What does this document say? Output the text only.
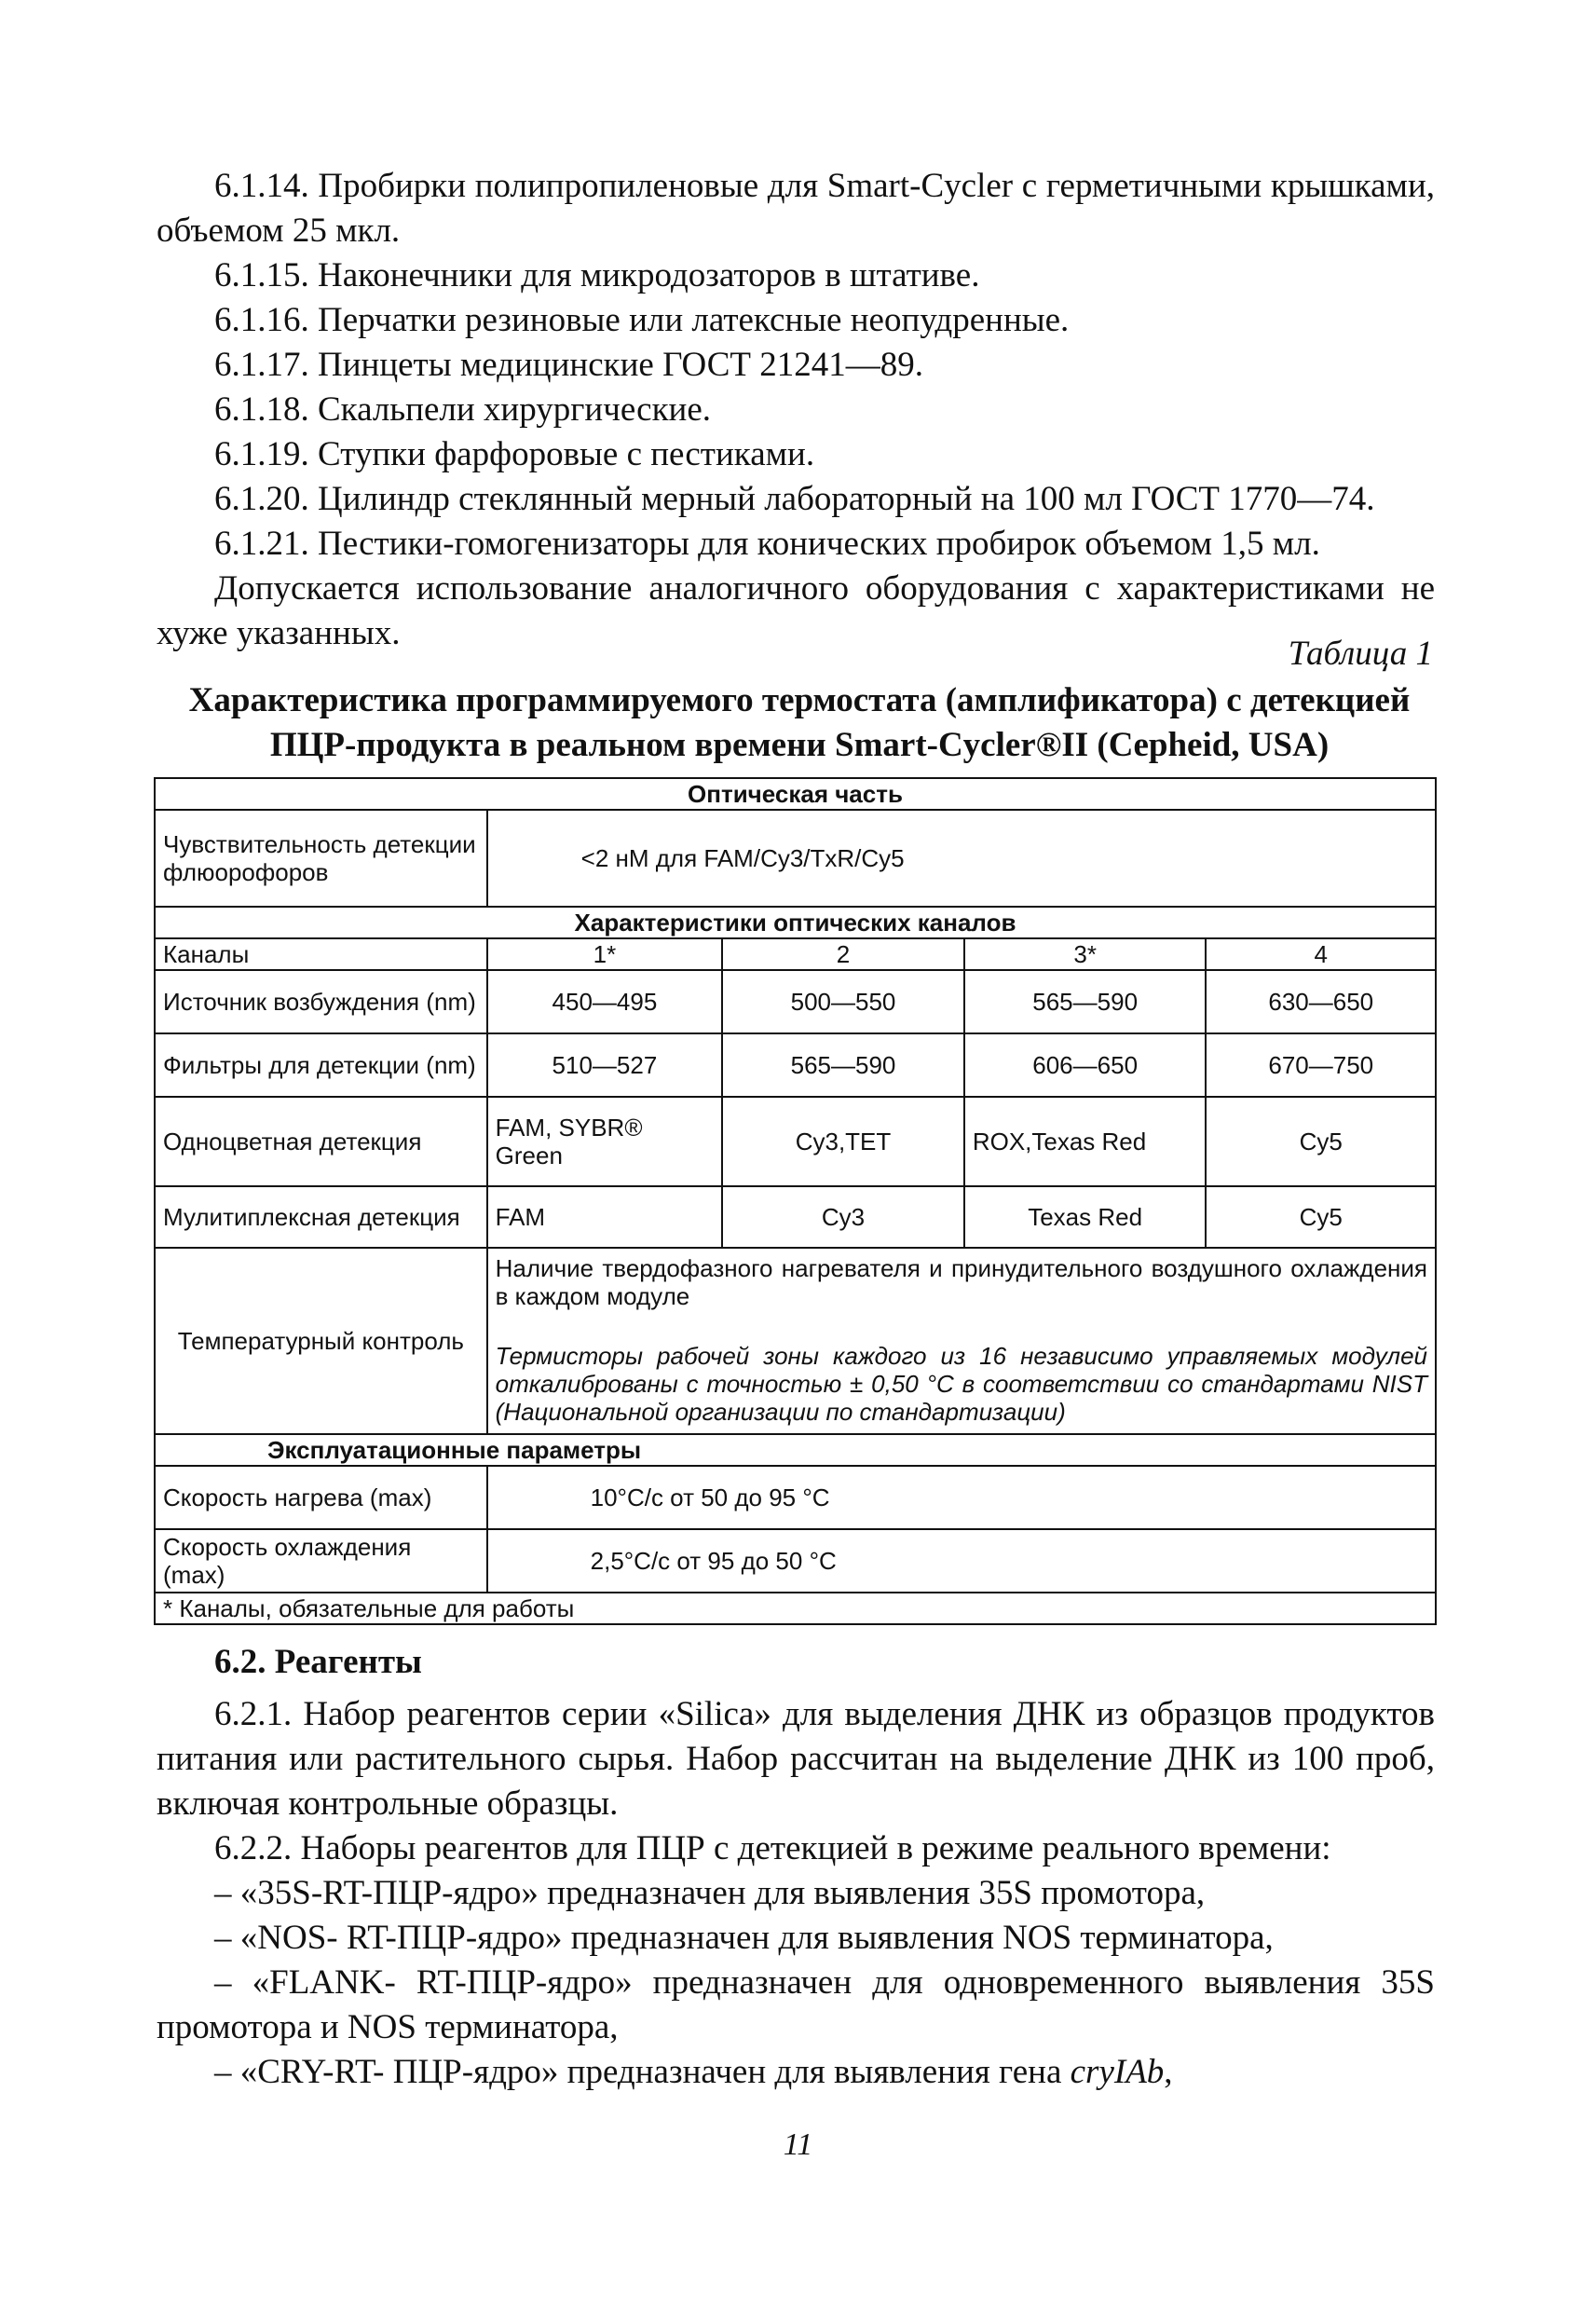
6.1.14. Пробирки полипропиленовые для Smart-Cycler с герметичными крышками, объемом 25 мкл.
6.1.15. Наконечники для микродозаторов в штативе.
6.1.16. Перчатки резиновые или латексные неопудренные.
6.1.17. Пинцеты медицинские ГОСТ 21241—89.
6.1.18. Скальпели хирургические.
6.1.19. Ступки фарфоровые с пестиками.
6.1.20. Цилиндр стеклянный мерный лабораторный на 100 мл ГОСТ 1770—74.
6.1.21. Пестики-гомогенизаторы для конических пробирок объемом 1,5 мл.
Допускается использование аналогичного оборудования с характеристиками не хуже указанных.
Таблица 1
Характеристика программируемого термостата (амплификатора) с детекцией ПЦР-продукта в реальном времени Smart-Cycler®II (Cepheid, USA)
Оптическая часть				
Чувствительность детекции флюорофоров	<2 нМ для FAM/Cy3/TxR/Cy5			
Характеристики оптических каналов				
Каналы	1*	2	3*	4
Источник возбуждения (nm)	450—495	500—550	565—590	630—650
Фильтры для детекции (nm)	510—527	565—590	606—650	670—750
Одноцветная детекция	FAM, SYBR® Green	Cy3,TET	ROX,Texas Red	Cy5
Мулитиплексная детекция	FAM	Cy3	Texas Red	Cy5
Температурный контроль	Наличие твердофазного нагревателя и принудительного воздушного охлаждения в каждом модуле
Термисторы рабочей зоны каждого из 16 независимо управляемых модулей откалиброваны с точностью ± 0,50 °С в соответствии со стандартами NIST (Национальной организации по стандартизации)			

Эксплуатационные параметры				
Скорость нагрева (max)	10°С/с от 50 до 95 °С			
Скорость охлаждения (max)	2,5°С/с от 95 до 50 °С			
* Каналы, обязательные для работы				
6.2. Реагенты
6.2.1. Набор реагентов серии «Silica» для выделения ДНК из образцов продуктов питания или растительного сырья. Набор рассчитан на выделение ДНК из 100 проб, включая контрольные образцы.
6.2.2. Наборы реагентов для ПЦР с детекцией в режиме реального времени:
– «35S-RT-ПЦР-ядро» предназначен для выявления 35S промотора,
– «NOS- RT-ПЦР-ядро» предназначен для выявления NOS терминатора,
– «FLANK- RT-ПЦР-ядро» предназначен для одновременного выявления 35S промотора и NOS терминатора,
– «CRY-RT- ПЦР-ядро» предназначен для выявления гена cryIAb,
11
